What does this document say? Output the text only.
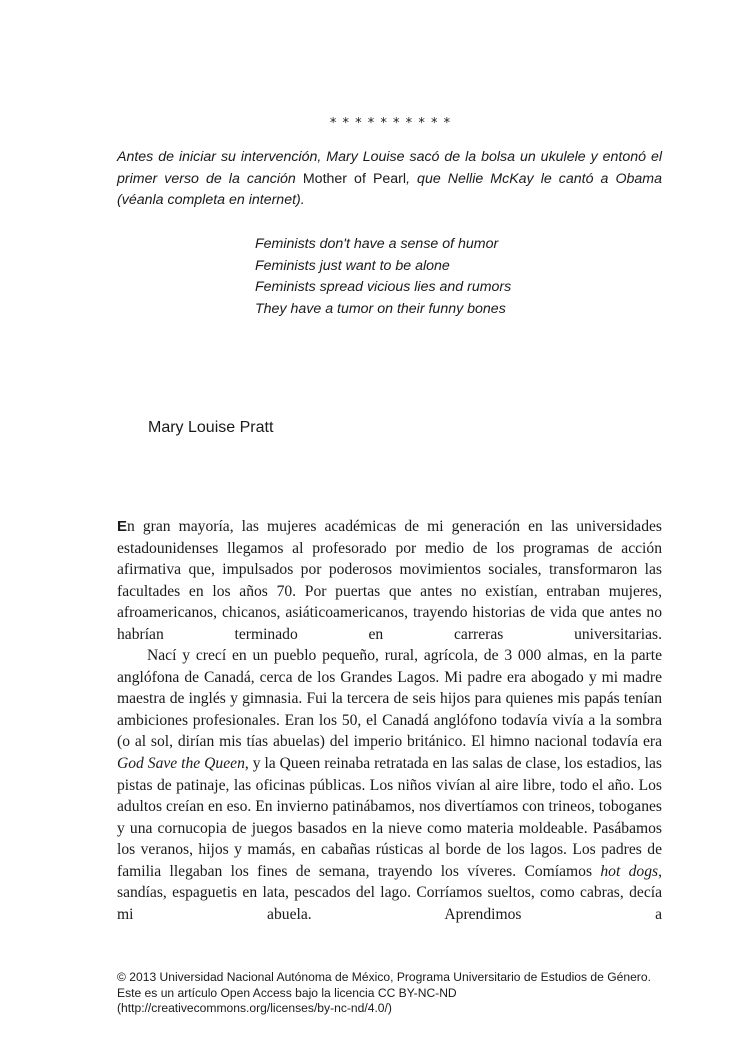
* * * * * * * * * *

Antes de iniciar su intervención, Mary Louise sacó de la bolsa un ukulele y entonó el primer verso de la canción Mother of Pearl, que Nellie McKay le cantó a Obama (véanla completa en internet).

Feminists don't have a sense of humor
Feminists just want to be alone
Feminists spread vicious lies and rumors
They have a tumor on their funny bones
Mary Louise Pratt

En gran mayoría, las mujeres académicas de mi generación en las universidades estadounidenses llegamos al profesorado por medio de los programas de acción afirmativa que, impulsados por poderosos movimientos sociales, transformaron las facultades en los años 70. Por puertas que antes no existían, entraban mujeres, afroamericanos, chicanos, asiáticoamericanos, trayendo historias de vida que antes no habrían terminado en carreras universitarias.

Nací y crecí en un pueblo pequeño, rural, agrícola, de 3 000 almas, en la parte anglófona de Canadá, cerca de los Grandes Lagos. Mi padre era abogado y mi madre maestra de inglés y gimnasia. Fui la tercera de seis hijos para quienes mis papás tenían ambiciones profesionales. Eran los 50, el Canadá anglófono todavía vivía a la sombra (o al sol, dirían mis tías abuelas) del imperio británico. El himno nacional todavía era God Save the Queen, y la Queen reinaba retratada en las salas de clase, los estadios, las pistas de patinaje, las oficinas públicas. Los niños vivían al aire libre, todo el año. Los adultos creían en eso. En invierno patinábamos, nos divertíamos con trineos, toboganes y una cornucopia de juegos basados en la nieve como materia moldeable. Pasábamos los veranos, hijos y mamás, en cabañas rústicas al borde de los lagos. Los padres de familia llegaban los fines de semana, trayendo los víveres. Comíamos hot dogs, sandías, espaguetis en lata, pescados del lago. Corríamos sueltos, como cabras, decía mi abuela. Aprendimos a

© 2013 Universidad Nacional Autónoma de México, Programa Universitario de Estudios de Género.
Este es un artículo Open Access bajo la licencia CC BY-NC-ND
(http://creativecommons.org/licenses/by-nc-nd/4.0/)
